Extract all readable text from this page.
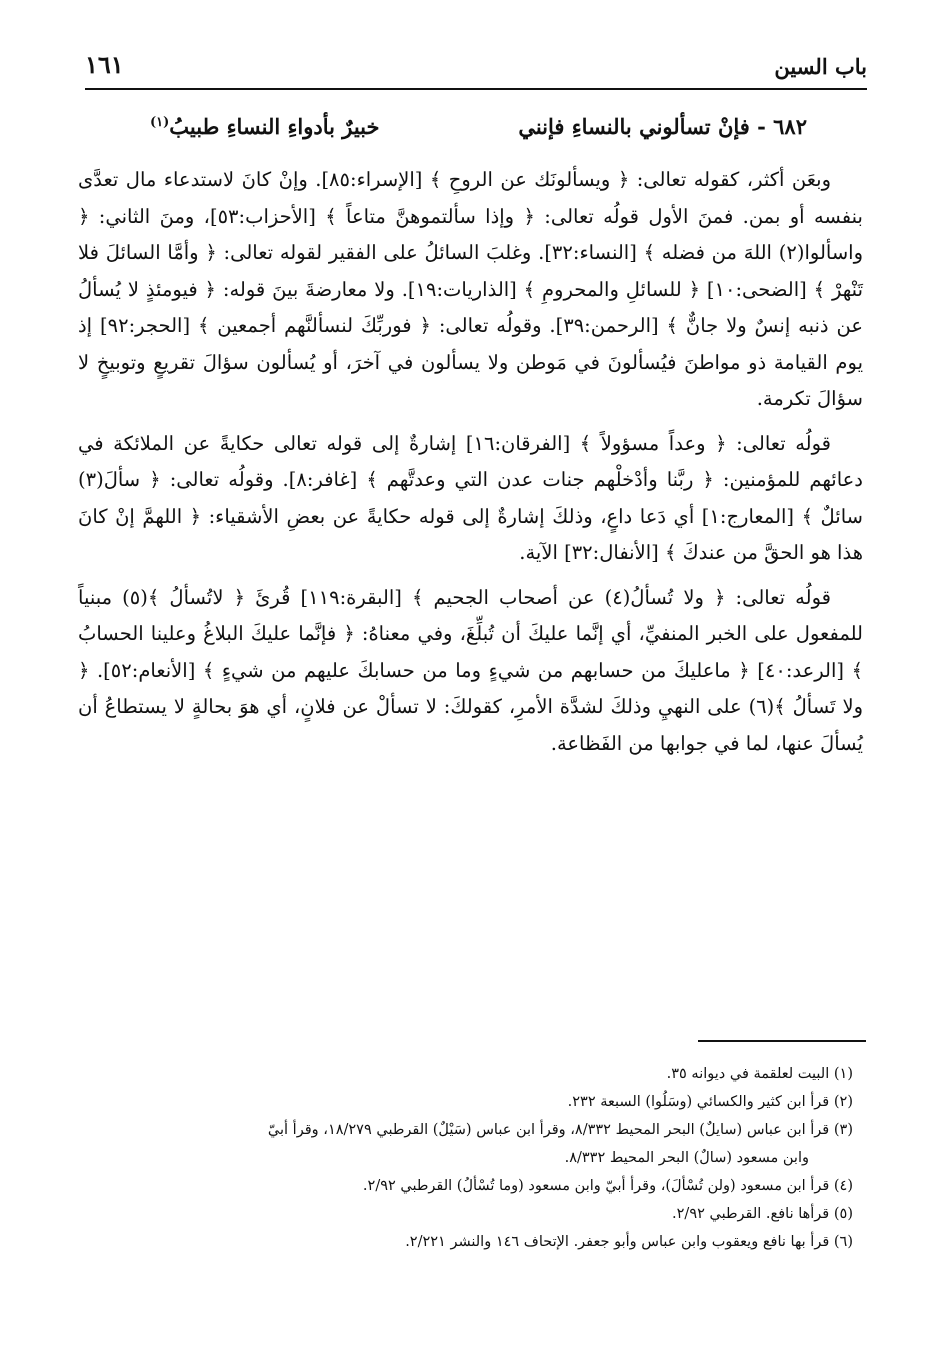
باب السين
١٦١
٦٨٢ - فإنْ تسألوني بالنساءِ فإنني
خبيرٌ بأدواءِ النساءِ طبيبُ$^{(١)}$

وبعَن أكثر، كقوله تعالى: ﴿ ويسألونَك عن الروحِ ﴾ [الإسراء:٨٥]. وإنْ كانَ لاستدعاء مال تعدَّى بنفسه أو بمن. فمنَ الأول قولُه تعالى: ﴿ وإذا سألتموهنَّ متاعاً ﴾ [الأحزاب:٥٣]، ومنَ الثاني: ﴿ واسألوا(٢) اللهَ من فضله ﴾ [النساء:٣٢]. وغلبَ السائلُ على الفقير لقوله تعالى: ﴿ وأمَّا السائلَ فلا تَنْهرْ ﴾ [الضحى:١٠] ﴿ للسائلِ والمحرومِ ﴾ [الذاريات:١٩]. ولا معارضةَ بينَ قوله: ﴿ فيومئذٍ لا يُسألُ عن ذنبه إنسٌ ولا جانٌّ ﴾ [الرحمن:٣٩]. وقولُه تعالى: ﴿ فوربِّكَ لنسألنَّهم أجمعين ﴾ [الحجر:٩٢] إذ يوم القيامة ذو مواطنَ فيُسألونَ في مَوطن ولا يسألون في آخرَ، أو يُسألون سؤالَ تقريعٍ وتوبيخٍ لا سؤالَ تكرمة.

قولُه تعالى: ﴿ وعداً مسؤولاً ﴾ [الفرقان:١٦] إشارةٌ إلى قوله تعالى حكايةً عن الملائكة في دعائهم للمؤمنين: ﴿ ربَّنا وأدْخلْهم جنات عدن التي وعدتَّهم ﴾ [غافر:٨]. وقولُه تعالى: ﴿ سألَ(٣) سائلٌ ﴾ [المعارج:١] أي دَعا داعٍ، وذلكَ إشارةٌ إلى قوله حكايةً عن بعضِ الأشقياء: ﴿ اللهمَّ إنْ كانَ هذا هو الحقَّ من عندكَ ﴾ [الأنفال:٣٢] الآية.

قولُه تعالى: ﴿ ولا تُسألُ(٤) عن أصحاب الجحيم ﴾ [البقرة:١١٩] قُرئَ ﴿ لاتُسألُ ﴾(٥) مبنياً للمفعول على الخبر المنفيِّ، أي إنَّما عليكَ أن تُبلِّغَ، وفي معناهُ: ﴿ فإنَّما عليكَ البلاغُ وعلينا الحسابُ ﴾ [الرعد:٤٠] ﴿ ماعليكَ من حسابهم من شيءٍ وما من حسابكَ عليهم من شيءٍ ﴾ [الأنعام:٥٢]. ﴿ ولا تَسألُ ﴾(٦) على النهيِ وذلكَ لشدَّة الأمرِ، كقولكَ: لا تسألْ عن فلانٍ، أي هوَ بحالةٍ لا يستطاعُ أن يُسألَ عنها، لما في جوابها من الفَظاعة.

(١) البيت لعلقمة في ديوانه ٣٥.

(٢) قرأ ابن كثير والكسائي (وسَلُوا) السبعة ٢٣٢.

(٣) قرأ ابن عباس (سايلٌ) البحر المحيط ٨/٣٣٢، وقرأ ابن عباس (سَيْلٌ) القرطبي ١٨/٢٧٩، وقرأ أبيّ

وابن مسعود (سالٌ) البحر المحيط ٨/٣٣٢.

(٤) قرأ ابن مسعود (ولن تُسْألَ)، وقرأ أبيّ وابن مسعود (وما تُسْألُ) القرطبي ٢/٩٢.

(٥) قرأها نافع. القرطبي ٢/٩٢.

(٦) قرأ بها نافع ويعقوب وابن عباس وأبو جعفر. الإتحاف ١٤٦ والنشر ٢/٢٢١.
